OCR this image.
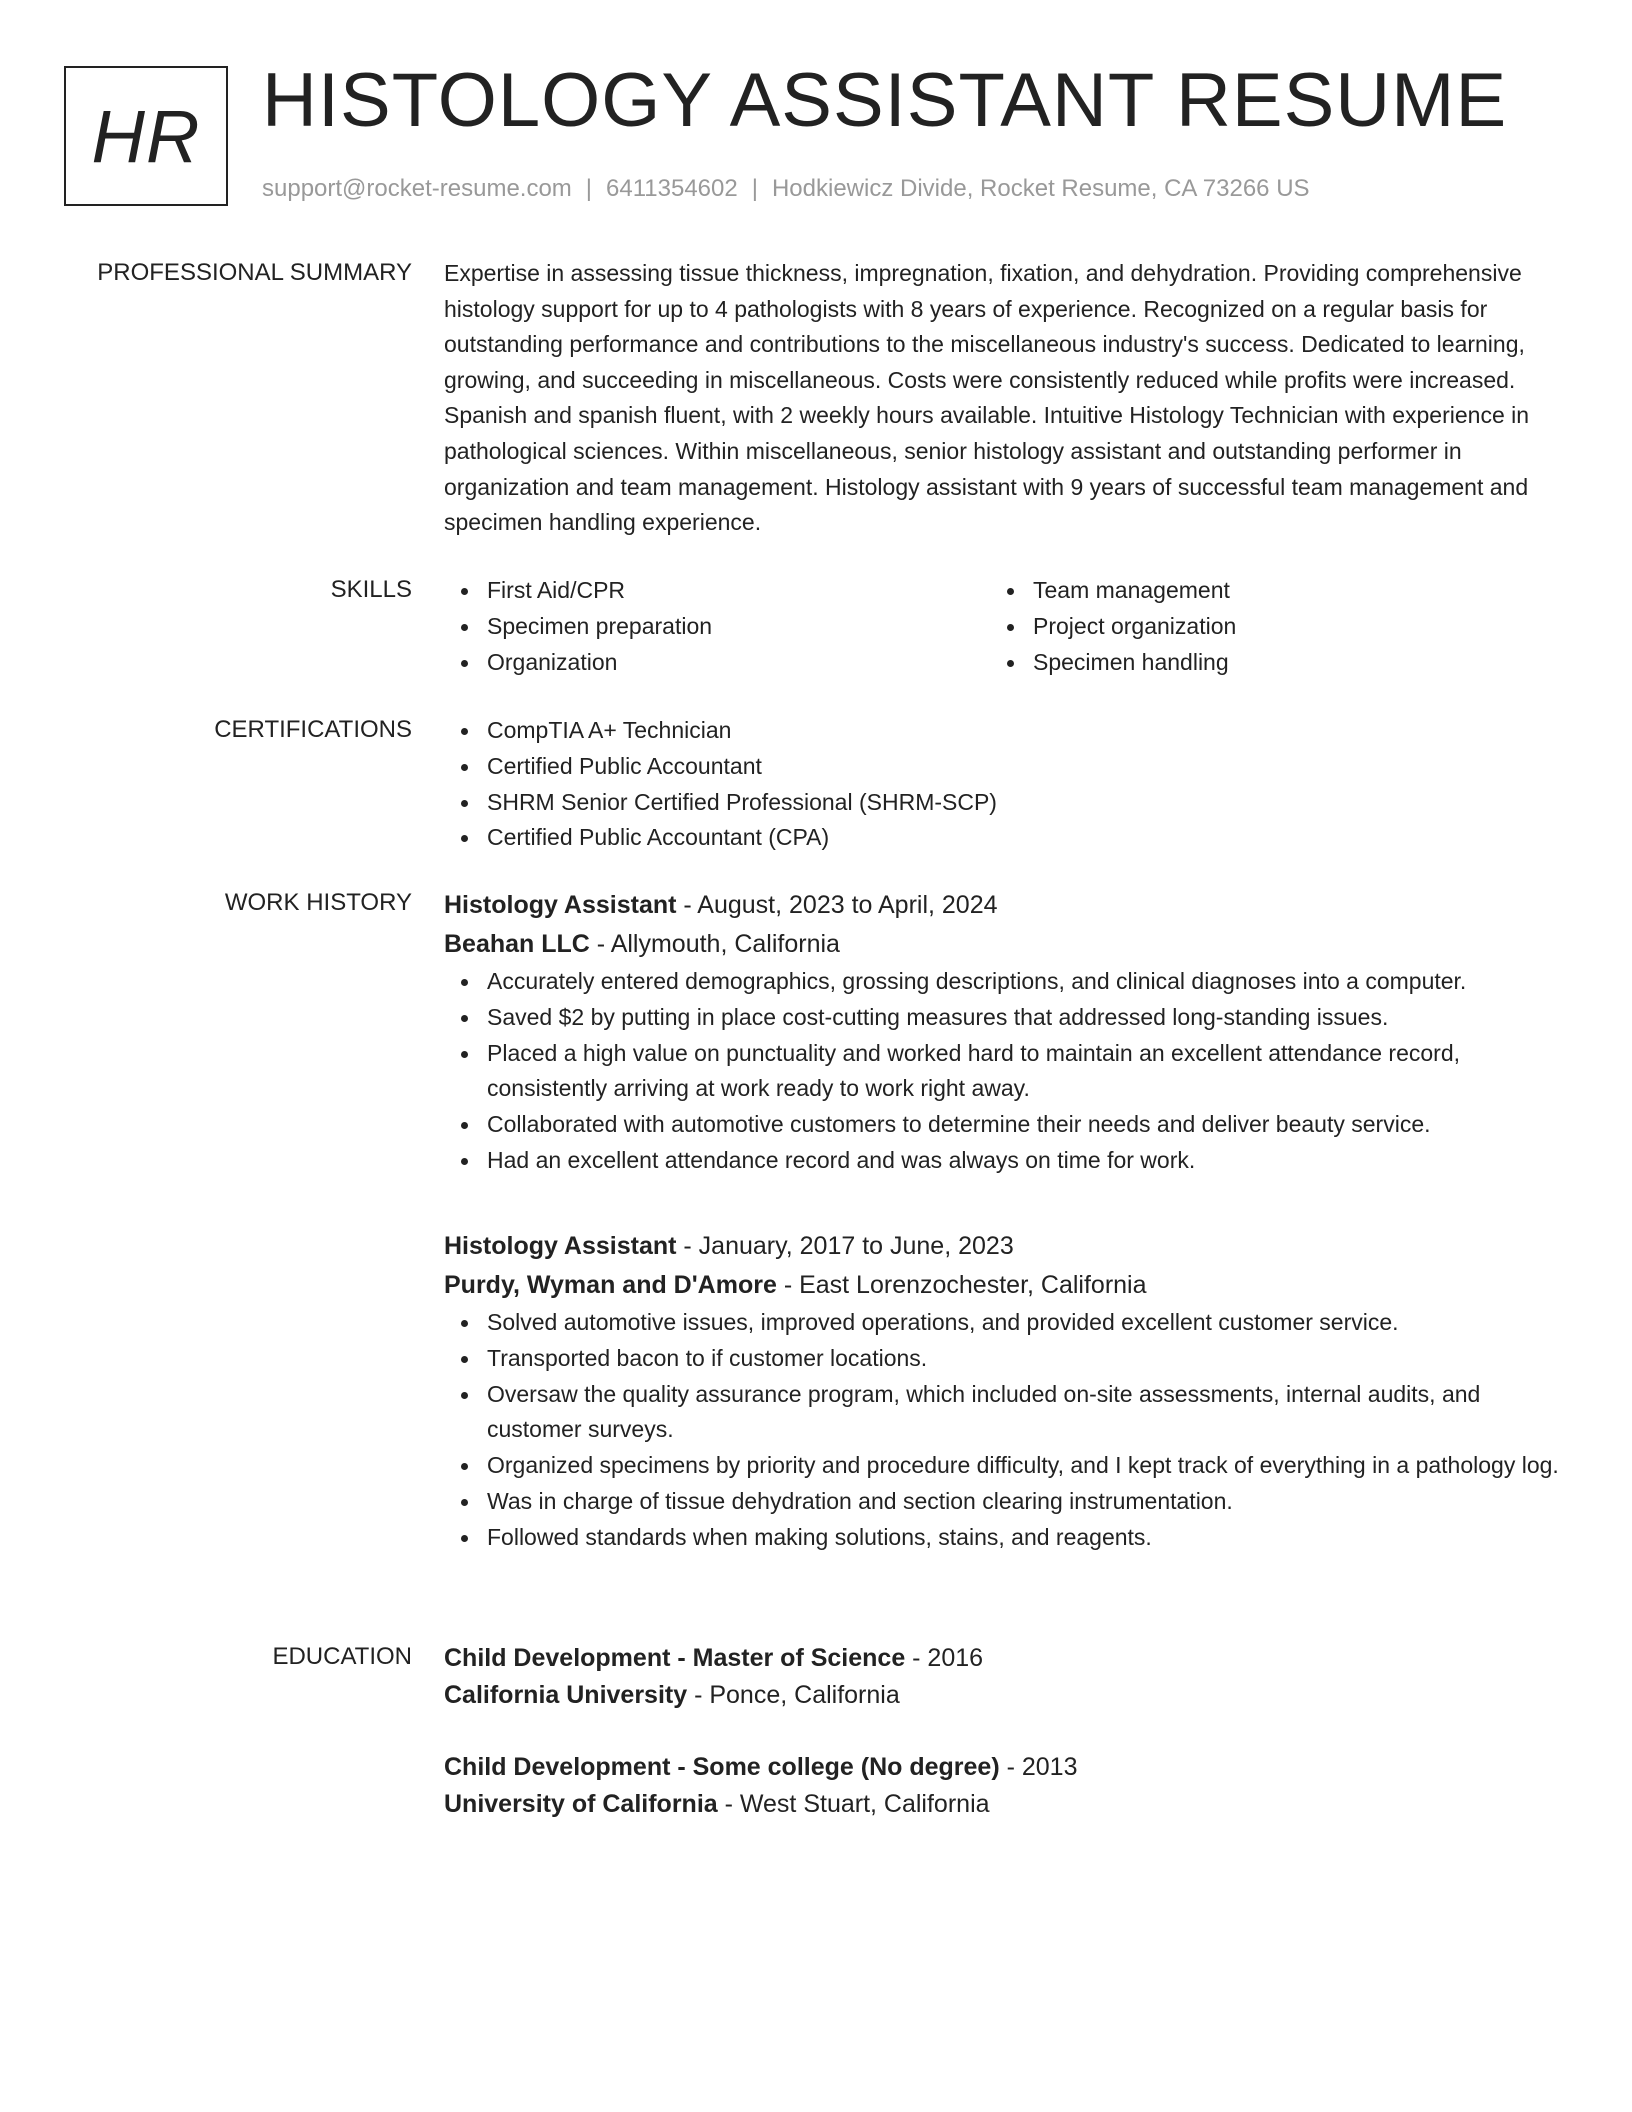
HR HISTOLOGY ASSISTANT RESUME
support@rocket-resume.com | 6411354602 | Hodkiewicz Divide, Rocket Resume, CA 73266 US
PROFESSIONAL SUMMARY Expertise in assessing tissue thickness, impregnation, fixation, and dehydration. Providing comprehensive histology support for up to 4 pathologists with 8 years of experience. Recognized on a regular basis for outstanding performance and contributions to the miscellaneous industry's success. Dedicated to learning, growing, and succeeding in miscellaneous. Costs were consistently reduced while profits were increased. Spanish and spanish fluent, with 2 weekly hours available. Intuitive Histology Technician with experience in pathological sciences. Within miscellaneous, senior histology assistant and outstanding performer in organization and team management. Histology assistant with 9 years of successful team management and specimen handling experience.

SKILLS	First Aid/CPR
Specimen preparation
Organization
Team management
Project organization
Specimen handling
CERTIFICATIONS	CompTIA A+ Technician
Certified Public Accountant
SHRM Senior Certified Professional (SHRM-SCP)
Certified Public Accountant (CPA)
WORK HISTORY Histology Assistant - August, 2023 to April, 2024
Beahan LLC - Allymouth, California
Accurately entered demographics, grossing descriptions, and clinical diagnoses into a computer.
Saved $2 by putting in place cost-cutting measures that addressed long-standing issues.
Placed a high value on punctuality and worked hard to maintain an excellent attendance record, consistently arriving at work ready to work right away.
Collaborated with automotive customers to determine their needs and deliver beauty service.
Had an excellent attendance record and was always on time for work.
Histology Assistant - January, 2017 to June, 2023
Purdy, Wyman and D'Amore - East Lorenzochester, California
Solved automotive issues, improved operations, and provided excellent customer service.
Transported bacon to if customer locations.
Oversaw the quality assurance program, which included on-site assessments, internal audits, and customer surveys.
Organized specimens by priority and procedure difficulty, and I kept track of everything in a pathology log.
Was in charge of tissue dehydration and section clearing instrumentation.
Followed standards when making solutions, stains, and reagents.
EDUCATION Child Development - Master of Science - 2016
California University - Ponce, California
Child Development - Some college (No degree) - 2013
University of California - West Stuart, California
